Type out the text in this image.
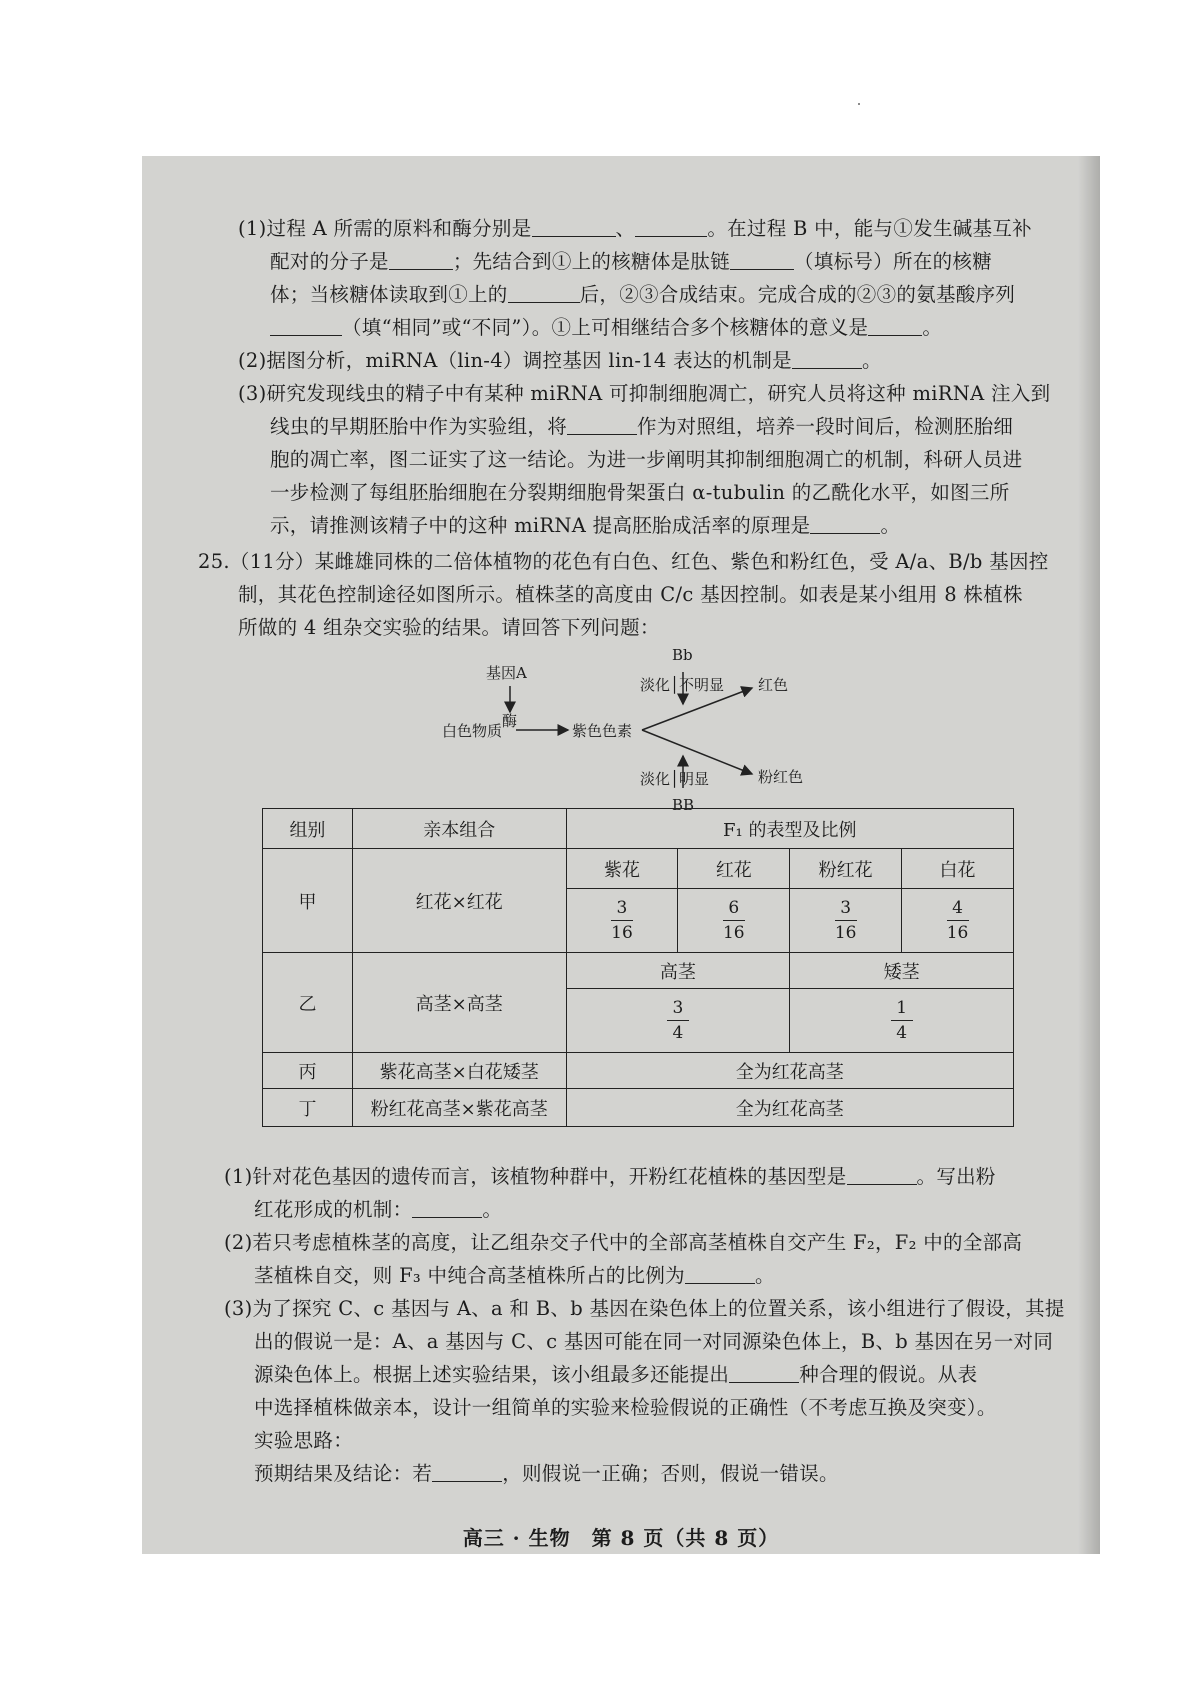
(1)过程 A 所需的原料和酶分别是	、	。在过程 B 中，能与①发生碱基互补
配对的分子是	；先结合到①上的核糖体是肽链	（填标号）所在的核糖
体；当核糖体读取到①上的	后，②③合成结束。完成合成的②③的氨基酸序列
（填“相同”或“不同”）。①上可相继结合多个核糖体的意义是	。
(2)据图分析，miRNA（lin-4）调控基因 lin-14 表达的机制是	。
(3)研究发现线虫的精子中有某种 miRNA 可抑制细胞凋亡，研究人员将这种 miRNA 注入到
线虫的早期胚胎中作为实验组，将	作为对照组，培养一段时间后，检测胚胎细
胞的凋亡率，图二证实了这一结论。为进一步阐明其抑制细胞凋亡的机制，科研人员进
一步检测了每组胚胎细胞在分裂期细胞骨架蛋白 α-tubulin 的乙酰化水平，如图三所
示，请推测该精子中的这种 miRNA 提高胚胎成活率的原理是	。
25.（11分）某雌雄同株的二倍体植物的花色有白色、红色、紫色和粉红色，受 A/a、B/b 基因控
制，其花色控制途径如图所示。植株茎的高度由 C/c 基因控制。如表是某小组用 8 株植株
所做的 4 组杂交实验的结果。请回答下列问题：
基因A
酶
白色物质	紫色色素
Bb
淡化│不明显 红色
淡化│明显
BB
粉红色
组别	亲本组合	F₁ 的表型及比例			
甲	红花×红花	紫花	红花	粉红花	白花

		$\frac{3}{16}$	$\frac{6}{16}$	$\frac{3}{16}$	$\frac{4}{16}$

乙	高茎×高茎	高茎		矮茎	

		$\frac{3}{4}$		$\frac{1}{4}$

丙	紫花高茎×白花矮茎	全为红花高茎			
丁	粉红花高茎×紫花高茎	全为红花高茎			
(1)针对花色基因的遗传而言，该植物种群中，开粉红花植株的基因型是	。写出粉
红花形成的机制：	。
(2)若只考虑植株茎的高度，让乙组杂交子代中的全部高茎植株自交产生 F₂，F₂ 中的全部高
茎植株自交，则 F₃ 中纯合高茎植株所占的比例为	。
(3)为了探究 C、c 基因与 A、a 和 B、b 基因在染色体上的位置关系，该小组进行了假设，其提
出的假说一是：A、a 基因与 C、c 基因可能在同一对同源染色体上，B、b 基因在另一对同
源染色体上。根据上述实验结果，该小组最多还能提出	种合理的假说。从表
中选择植株做亲本，设计一组简单的实验来检验假说的正确性（不考虑互换及突变）。
实验思路：
预期结果及结论：若	，则假说一正确；否则，假说一错误。
高三 · 生物　第 8 页（共 8 页）
